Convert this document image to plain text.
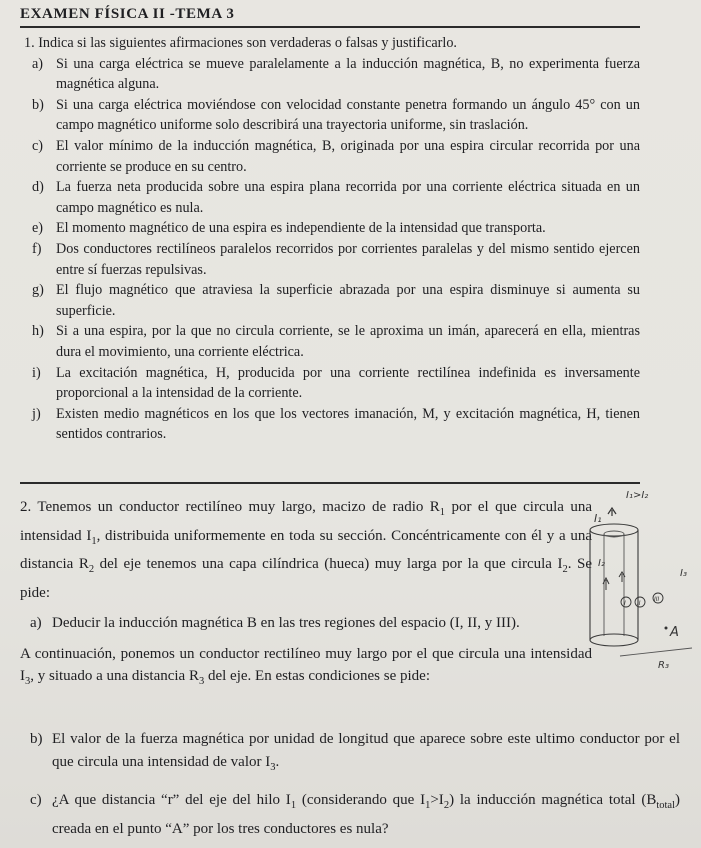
EXAMEN FÍSICA II -TEMA 3

1. Indica si las siguientes afirmaciones son verdaderas o falsas y justificarlo.

a) Si una carga eléctrica se mueve paralelamente a la inducción magnética, B, no experimenta fuerza magnética alguna.
b) Si una carga eléctrica moviéndose con velocidad constante penetra formando un ángulo 45° con un campo magnético uniforme solo describirá una trayectoria uniforme, sin traslación.
c) El valor mínimo de la inducción magnética, B, originada por una espira circular recorrida por una corriente se produce en su centro.
d) La fuerza neta producida sobre una espira plana recorrida por una corriente eléctrica situada en un campo magnético es nula.
e) El momento magnético de una espira es independiente de la intensidad que transporta.
f) Dos conductores rectilíneos paralelos recorridos por corrientes paralelas y del mismo sentido ejercen entre sí fuerzas repulsivas.
g) El flujo magnético que atraviesa la superficie abrazada por una espira disminuye si aumenta su superficie.
h) Si a una espira, por la que no circula corriente, se le aproxima un imán, aparecerá en ella, mientras dura el movimiento, una corriente eléctrica.
i) La excitación magnética, H, producida por una corriente rectilínea indefinida es inversamente proporcional a la intensidad de la corriente.
j) Existen medio magnéticos en los que los vectores imanación, M, y excitación magnética, H, tienen sentidos contrarios.

2. Tenemos un conductor rectilíneo muy largo, macizo de radio $R_1$ por el que circula una intensidad $I_1$, distribuida uniformemente en toda su sección. Concéntricamente con él y a una distancia $R_2$ del eje tenemos una capa cilíndrica (hueca) muy larga por la que circula $I_2$. Se pide:

a) Deducir la inducción magnética B en las tres regiones del espacio (I, II, y III).

A continuación, ponemos un conductor rectilíneo muy largo por el que circula una intensidad $I_3$, y situado a una distancia $R_3$ del eje. En estas condiciones se pide:

b) El valor de la fuerza magnética por unidad de longitud que aparece sobre este ultimo conductor por el que circula una intensidad de valor $I_3$.

c) ¿A que distancia “r” del eje del hilo $I_1$ (considerando que $I_1>I_2$) la inducción magnética total $(B_{total})$ creada en el punto “A” por los tres conductores es nula?

I₁>I₂
I₁
I₂
I II
III
I₃
A
R₃
